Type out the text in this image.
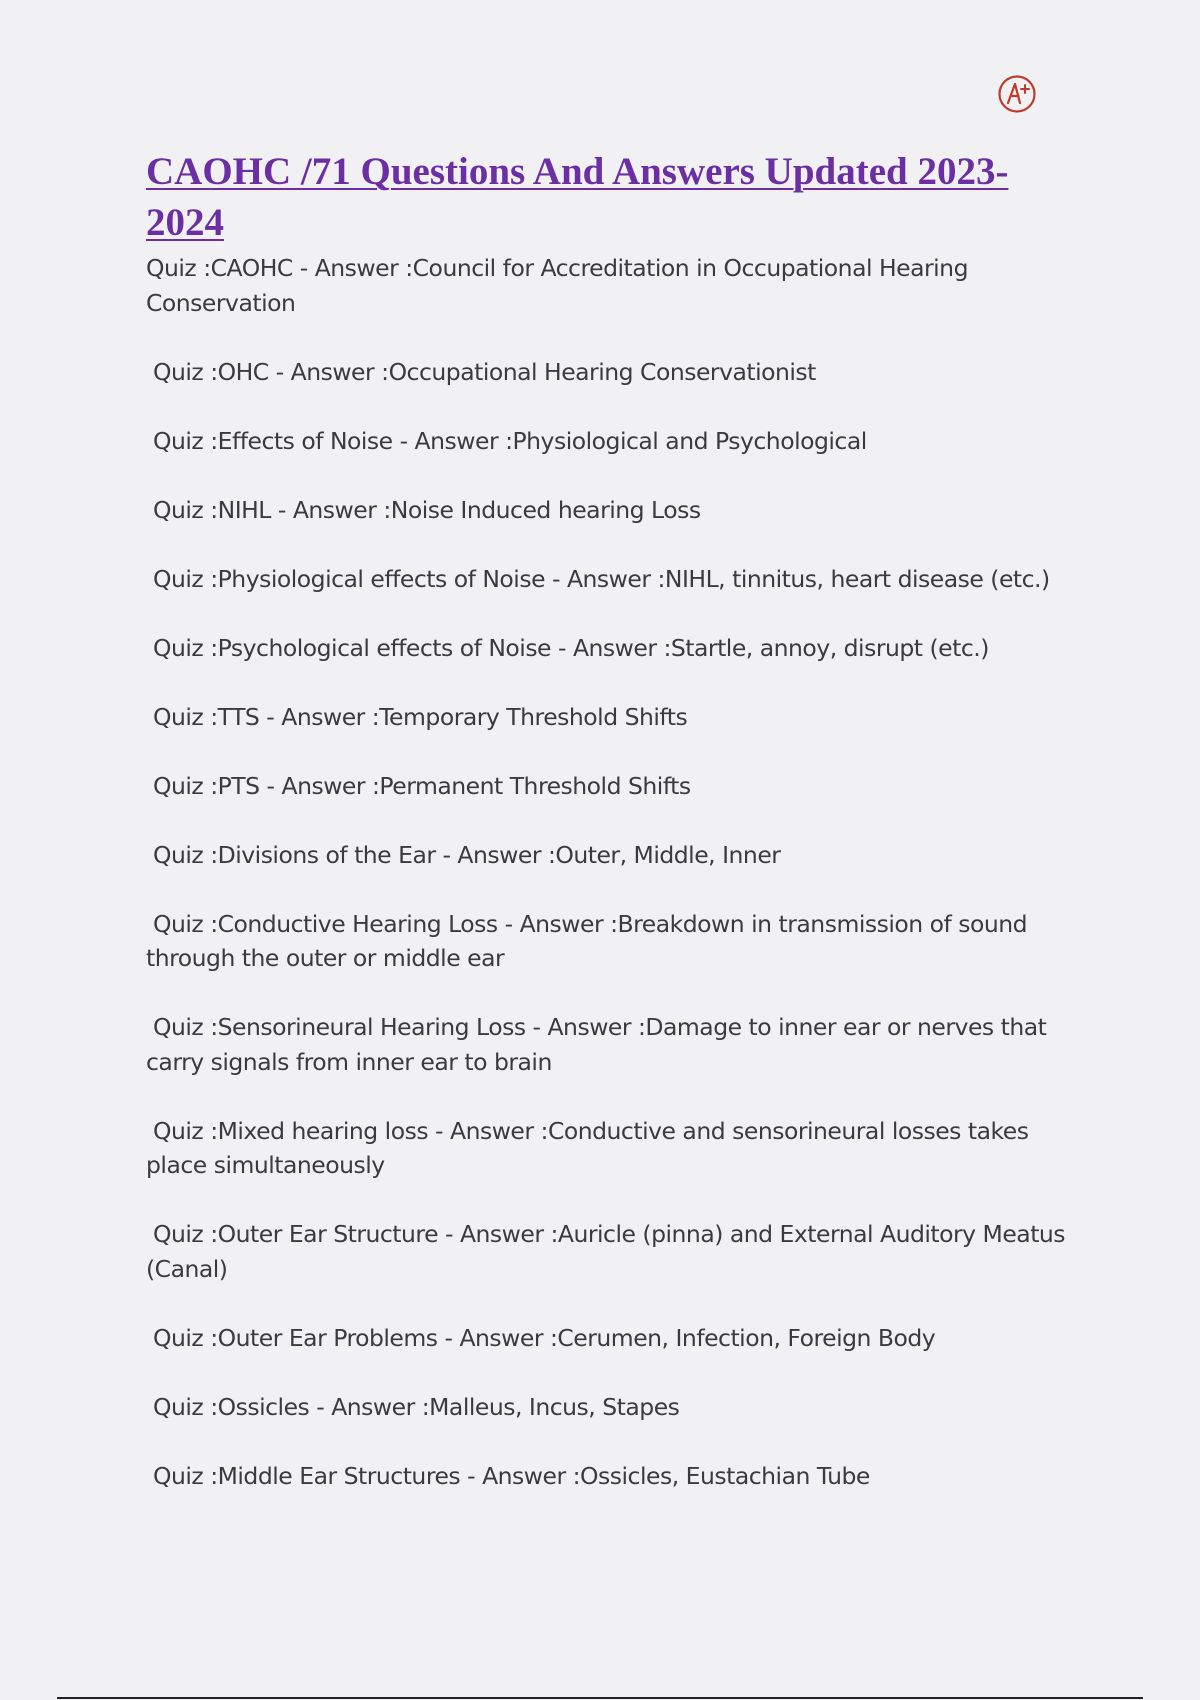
CAOHC /71 Questions And Answers Updated 2023-2024
Quiz :CAOHC - Answer :Council for Accreditation in Occupational Hearing Conservation
Quiz :OHC - Answer :Occupational Hearing Conservationist
Quiz :Effects of Noise - Answer :Physiological and Psychological
Quiz :NIHL - Answer :Noise Induced hearing Loss
Quiz :Physiological effects of Noise - Answer :NIHL, tinnitus, heart disease (etc.)
Quiz :Psychological effects of Noise - Answer :Startle, annoy, disrupt (etc.)
Quiz :TTS - Answer :Temporary Threshold Shifts
Quiz :PTS - Answer :Permanent Threshold Shifts
Quiz :Divisions of the Ear - Answer :Outer, Middle, Inner
Quiz :Conductive Hearing Loss - Answer :Breakdown in transmission of sound through the outer or middle ear
Quiz :Sensorineural Hearing Loss - Answer :Damage to inner ear or nerves that carry signals from inner ear to brain
Quiz :Mixed hearing loss - Answer :Conductive and sensorineural losses takes place simultaneously
Quiz :Outer Ear Structure - Answer :Auricle (pinna) and External Auditory Meatus (Canal)
Quiz :Outer Ear Problems - Answer :Cerumen, Infection, Foreign Body
Quiz :Ossicles - Answer :Malleus, Incus, Stapes
Quiz :Middle Ear Structures - Answer :Ossicles, Eustachian Tube
